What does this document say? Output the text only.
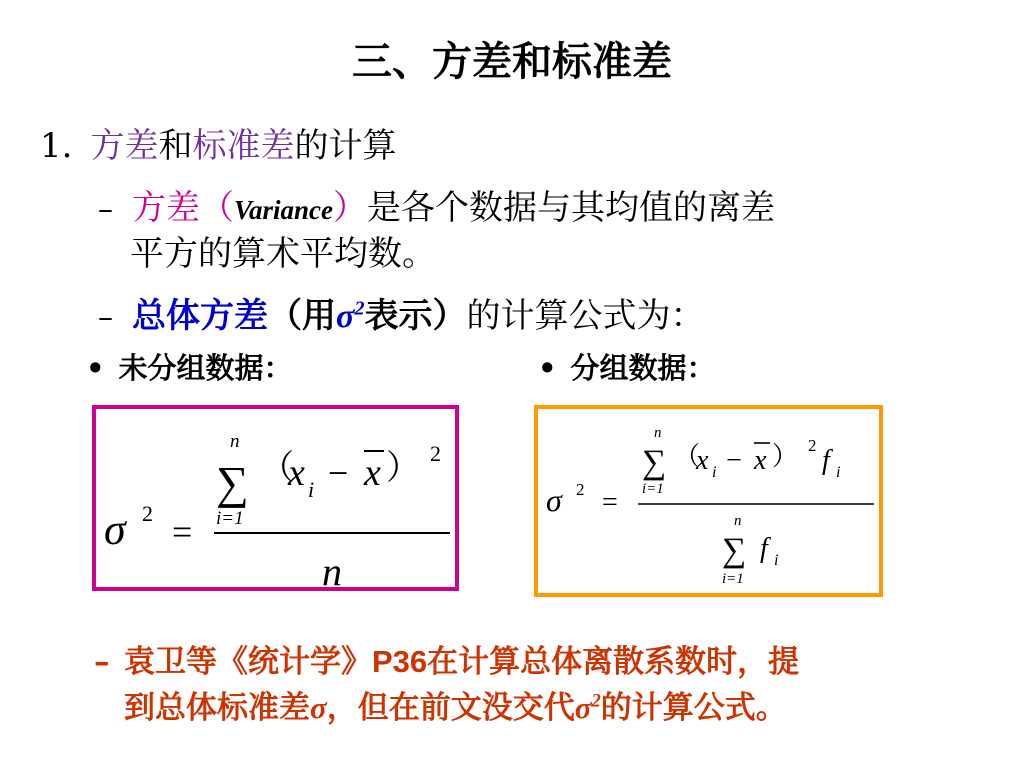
三、方差和标准差
1. 方差和标准差的计算
– 方差（Variance）是各个数据与其均值的离差
平方的算术平均数。
– 总体方差（用$\sigma^2$表示）的计算公式为：
• 未分组数据：	• 分组数据：
σ 2 =
n
∑
i=1
（
x i − x ） 2
n
σ 2 =
n
∑
i=1
（
x i − x ） 2 f i
n
∑
i=1
f i
– 袁卫等《统计学》P36在计算总体离散系数时，提
到总体标准差σ，但在前文没交代$\sigma^2$的计算公式。
